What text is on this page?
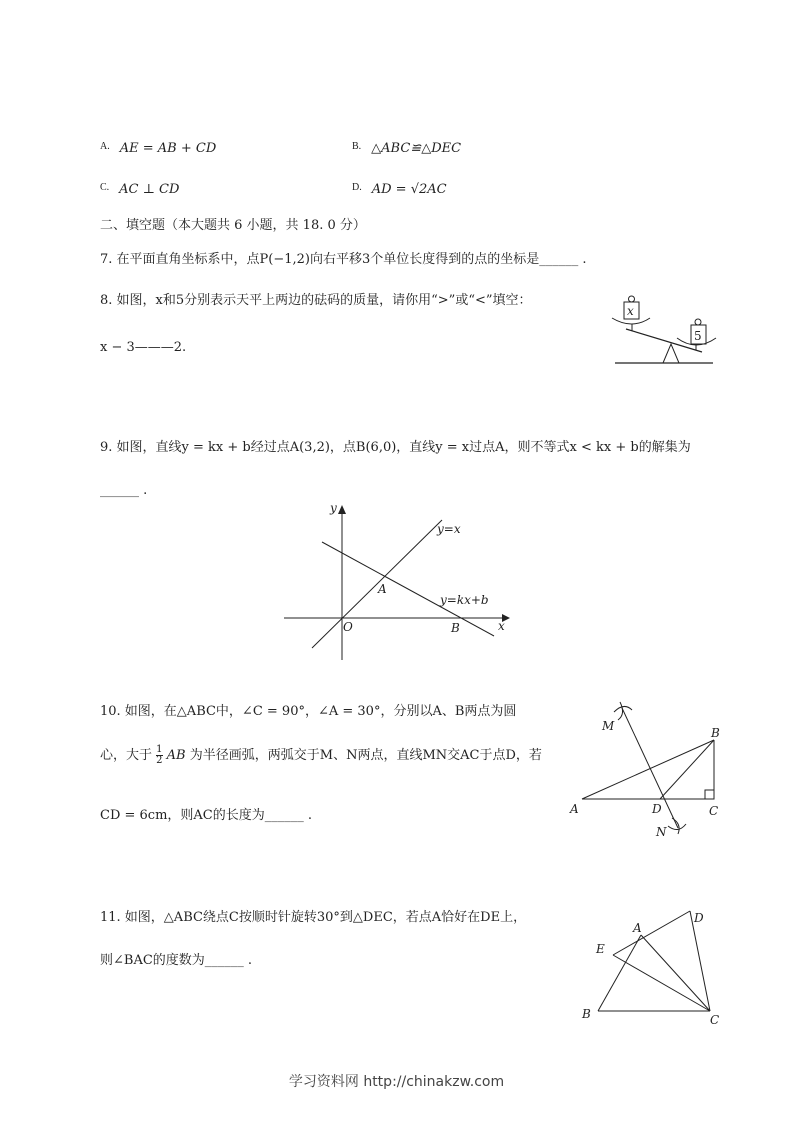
$^{A.}$ AE = AB + CD	$^{B.}$ △ABC≌△DEC
$^{C.}$ AC ⊥ CD	$^{D.}$ AD = √2AC
二、填空题（本大题共 6 小题，共 18. 0 分）
7. 在平面直角坐标系中，点P(−1,2)向右平移3个单位长度得到的点的坐标是______ .
8. 如图，x和5分别表示天平上两边的砝码的质量，请你用“>”或“<”填空：
x − 3———2.
x
5
9. 如图，直线y = kx + b经过点A(3,2)，点B(6,0)，直线y = x过点A，则不等式x < kx + b的解集为
______ .
y
x
O
A
B
y=x
y=kx+b
10. 如图，在△ABC中，∠C = 90°，∠A = 30°，分别以A、B两点为圆
心，大于 $\frac{1}{2}$ AB 为半径画弧，两弧交于M、N两点，直线MN交AC于点D，若
CD = 6cm，则AC的长度为______ .
M
N
A
B
C
D
11. 如图，△ABC绕点C按顺时针旋转30°到△DEC，若点A恰好在DE上，
则∠BAC的度数为______ .
A
B	C
D
E
学习资料网 http://chinakzw.com
